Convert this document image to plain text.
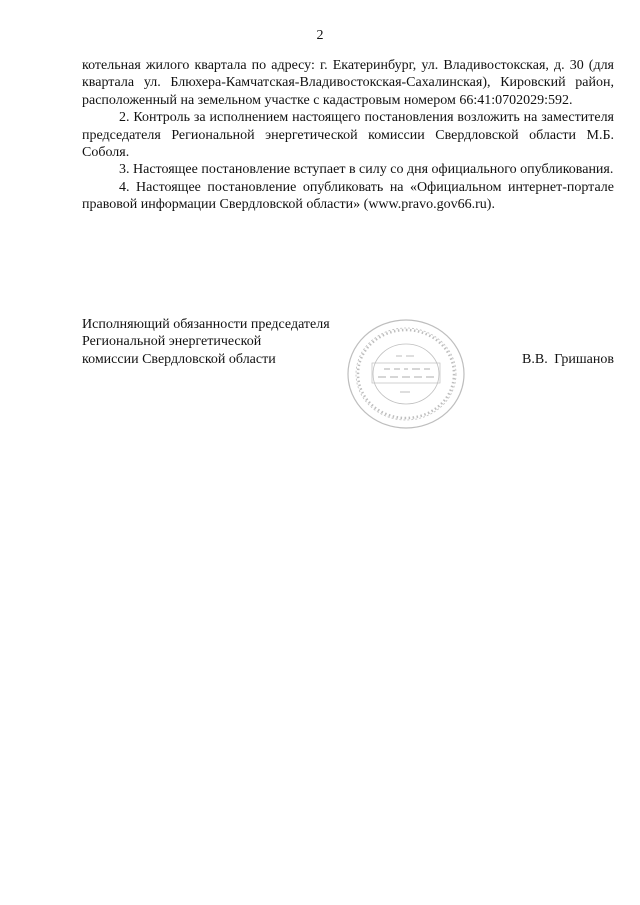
2

котельная жилого квартала по адресу: г. Екатеринбург, ул. Владивостокская, д. 30 (для квартала ул. Блюхера-Камчатская-Владивостокская-Сахалинская), Кировский район, расположенный на земельном участке с кадастровым номером 66:41:0702029:592.

2. Контроль за исполнением настоящего постановления возложить на заместителя председателя Региональной энергетической комиссии Свердловской области М.Б. Соболя.

3. Настоящее постановление вступает в силу со дня официального опубликования.

4. Настоящее постановление опубликовать на «Официальном интернет-портале правовой информации Свердловской области» (www.pravo.gov66.ru).

Исполняющий обязанности председателя
Региональной энергетической
комиссии Свердловской области	В.В. Гришанов
